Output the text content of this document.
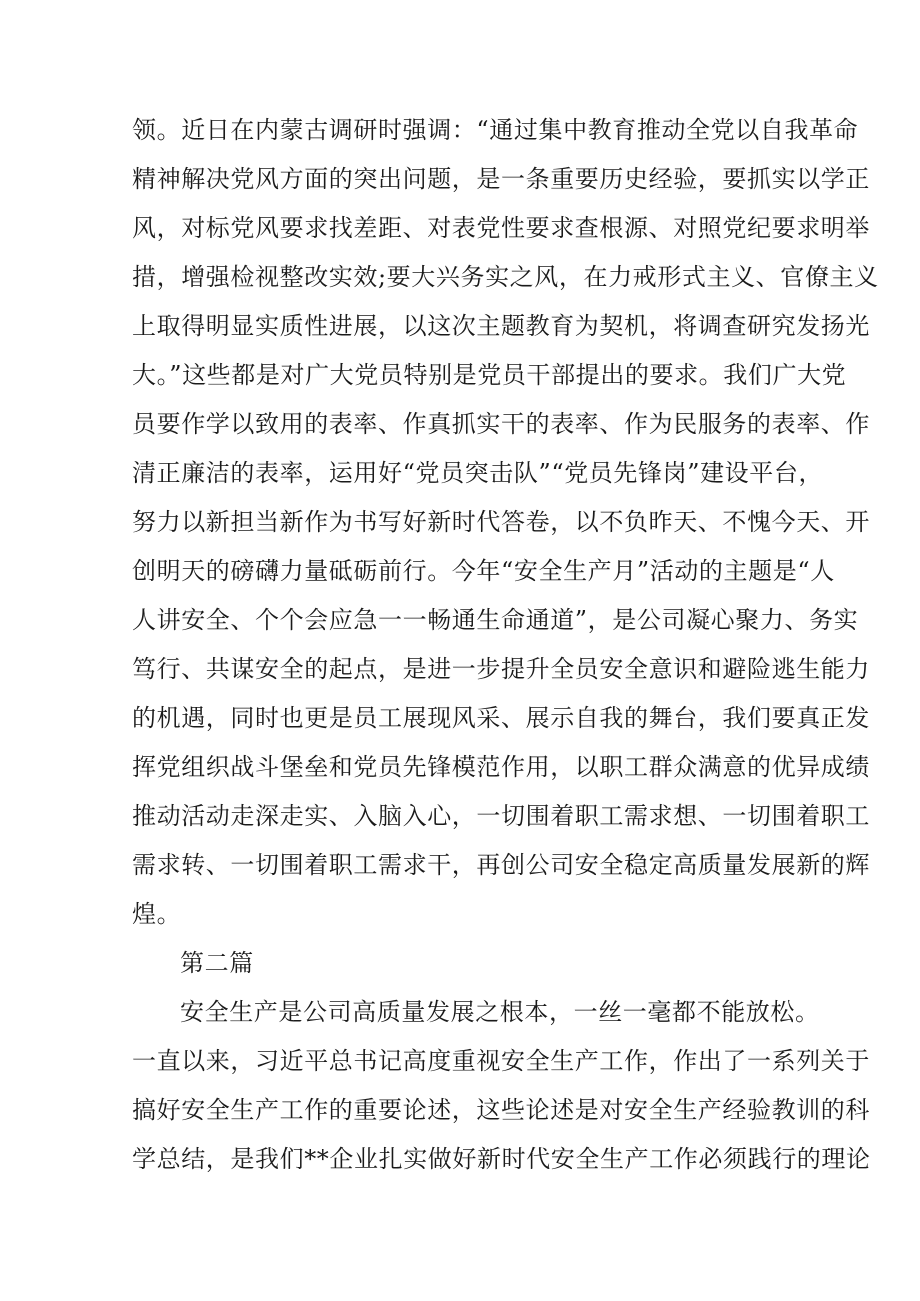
领。近日在内蒙古调研时强调：“通过集中教育推动全党以自我革命
精神解决党风方面的突出问题，是一条重要历史经验，要抓实以学正
风，对标党风要求找差距、对表党性要求查根源、对照党纪要求明举
措，增强检视整改实效;要大兴务实之风，在力戒形式主义、官僚主义
上取得明显实质性进展，以这次主题教育为契机，将调查研究发扬光
大。”这些都是对广大党员特别是党员干部提出的要求。我们广大党
员要作学以致用的表率、作真抓实干的表率、作为民服务的表率、作
清正廉洁的表率，运用好“党员突击队”“党员先锋岗”建设平台，
努力以新担当新作为书写好新时代答卷，以不负昨天、不愧今天、开
创明天的磅礴力量砥砺前行。今年“安全生产月”活动的主题是“人
人讲安全、个个会应急一一畅通生命通道”，是公司凝心聚力、务实
笃行、共谋安全的起点，是进一步提升全员安全意识和避险逃生能力
的机遇，同时也更是员工展现风采、展示自我的舞台，我们要真正发
挥党组织战斗堡垒和党员先锋模范作用，以职工群众满意的优异成绩
推动活动走深走实、入脑入心，一切围着职工需求想、一切围着职工
需求转、一切围着职工需求干，再创公司安全稳定高质量发展新的辉
煌。
第二篇
安全生产是公司高质量发展之根本，一丝一毫都不能放松。
一直以来，习近平总书记高度重视安全生产工作，作出了一系列关于
搞好安全生产工作的重要论述，这些论述是对安全生产经验教训的科
学总结，是我们**企业扎实做好新时代安全生产工作必须践行的理论
